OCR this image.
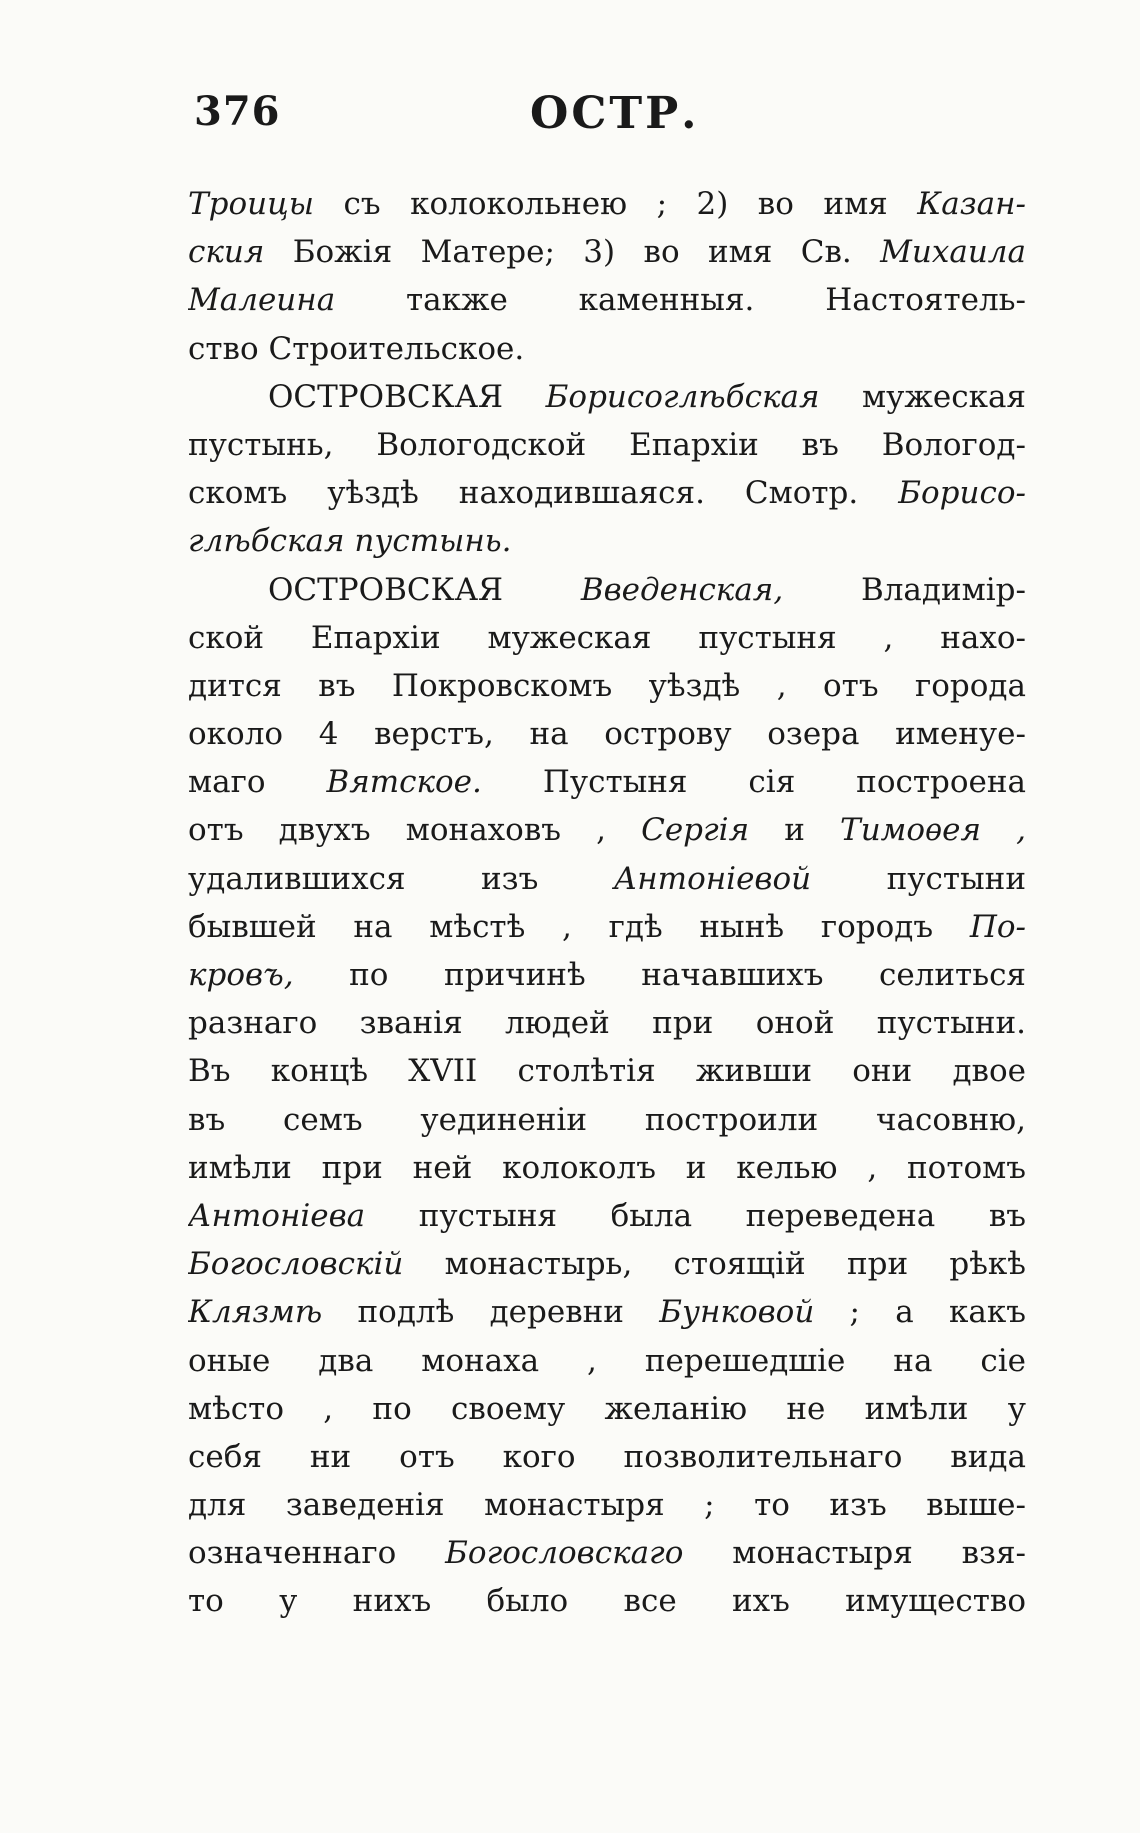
376	ОСТР.
Троицы съ колокольнею ; 2) во имя Казан-
ския Божія Матере; 3) во имя Св. Михаила
Малеина также каменныя. Настоятель-
ство Строительское.
ОСТРОВСКАЯ Борисоглѣбская мужеская
пустынь, Вологодской Епархіи въ Вологод-
скомъ уѣздѣ находившаяся. Смотр. Борисо-
глѣбская пустынь.
ОСТРОВСКАЯ Введенская, Владимір-
ской Епархіи мужеская пустыня , нахо-
дится въ Покровскомъ уѣздѣ , отъ города
около 4 верстъ, на острову озера именуе-
маго Вятское. Пустыня сія построена
отъ двухъ монаховъ , Сергія и Тимоѳея ,
удалившихся изъ Антоніевой пустыни
бывшей на мѣстѣ , гдѣ нынѣ городъ По-
кровъ, по причинѣ начавшихъ селиться
разнаго званія людей при оной пустыни.
Въ концѣ XVII столѣтія живши они двое
въ семъ уединеніи построили часовню,
имѣли при ней колоколъ и келью , потомъ
Антоніева пустыня была переведена въ
Богословскій монастырь, стоящій при рѣкѣ
Клязмѣ подлѣ деревни Бунковой ; а какъ
оные два монаха , перешедшіе на сіе
мѣсто , по своему желанію не имѣли у
себя ни отъ кого позволительнаго вида
для заведенія монастыря ; то изъ выше-
означеннаго Богословскаго монастыря взя-
то у нихъ было все ихъ имущество
